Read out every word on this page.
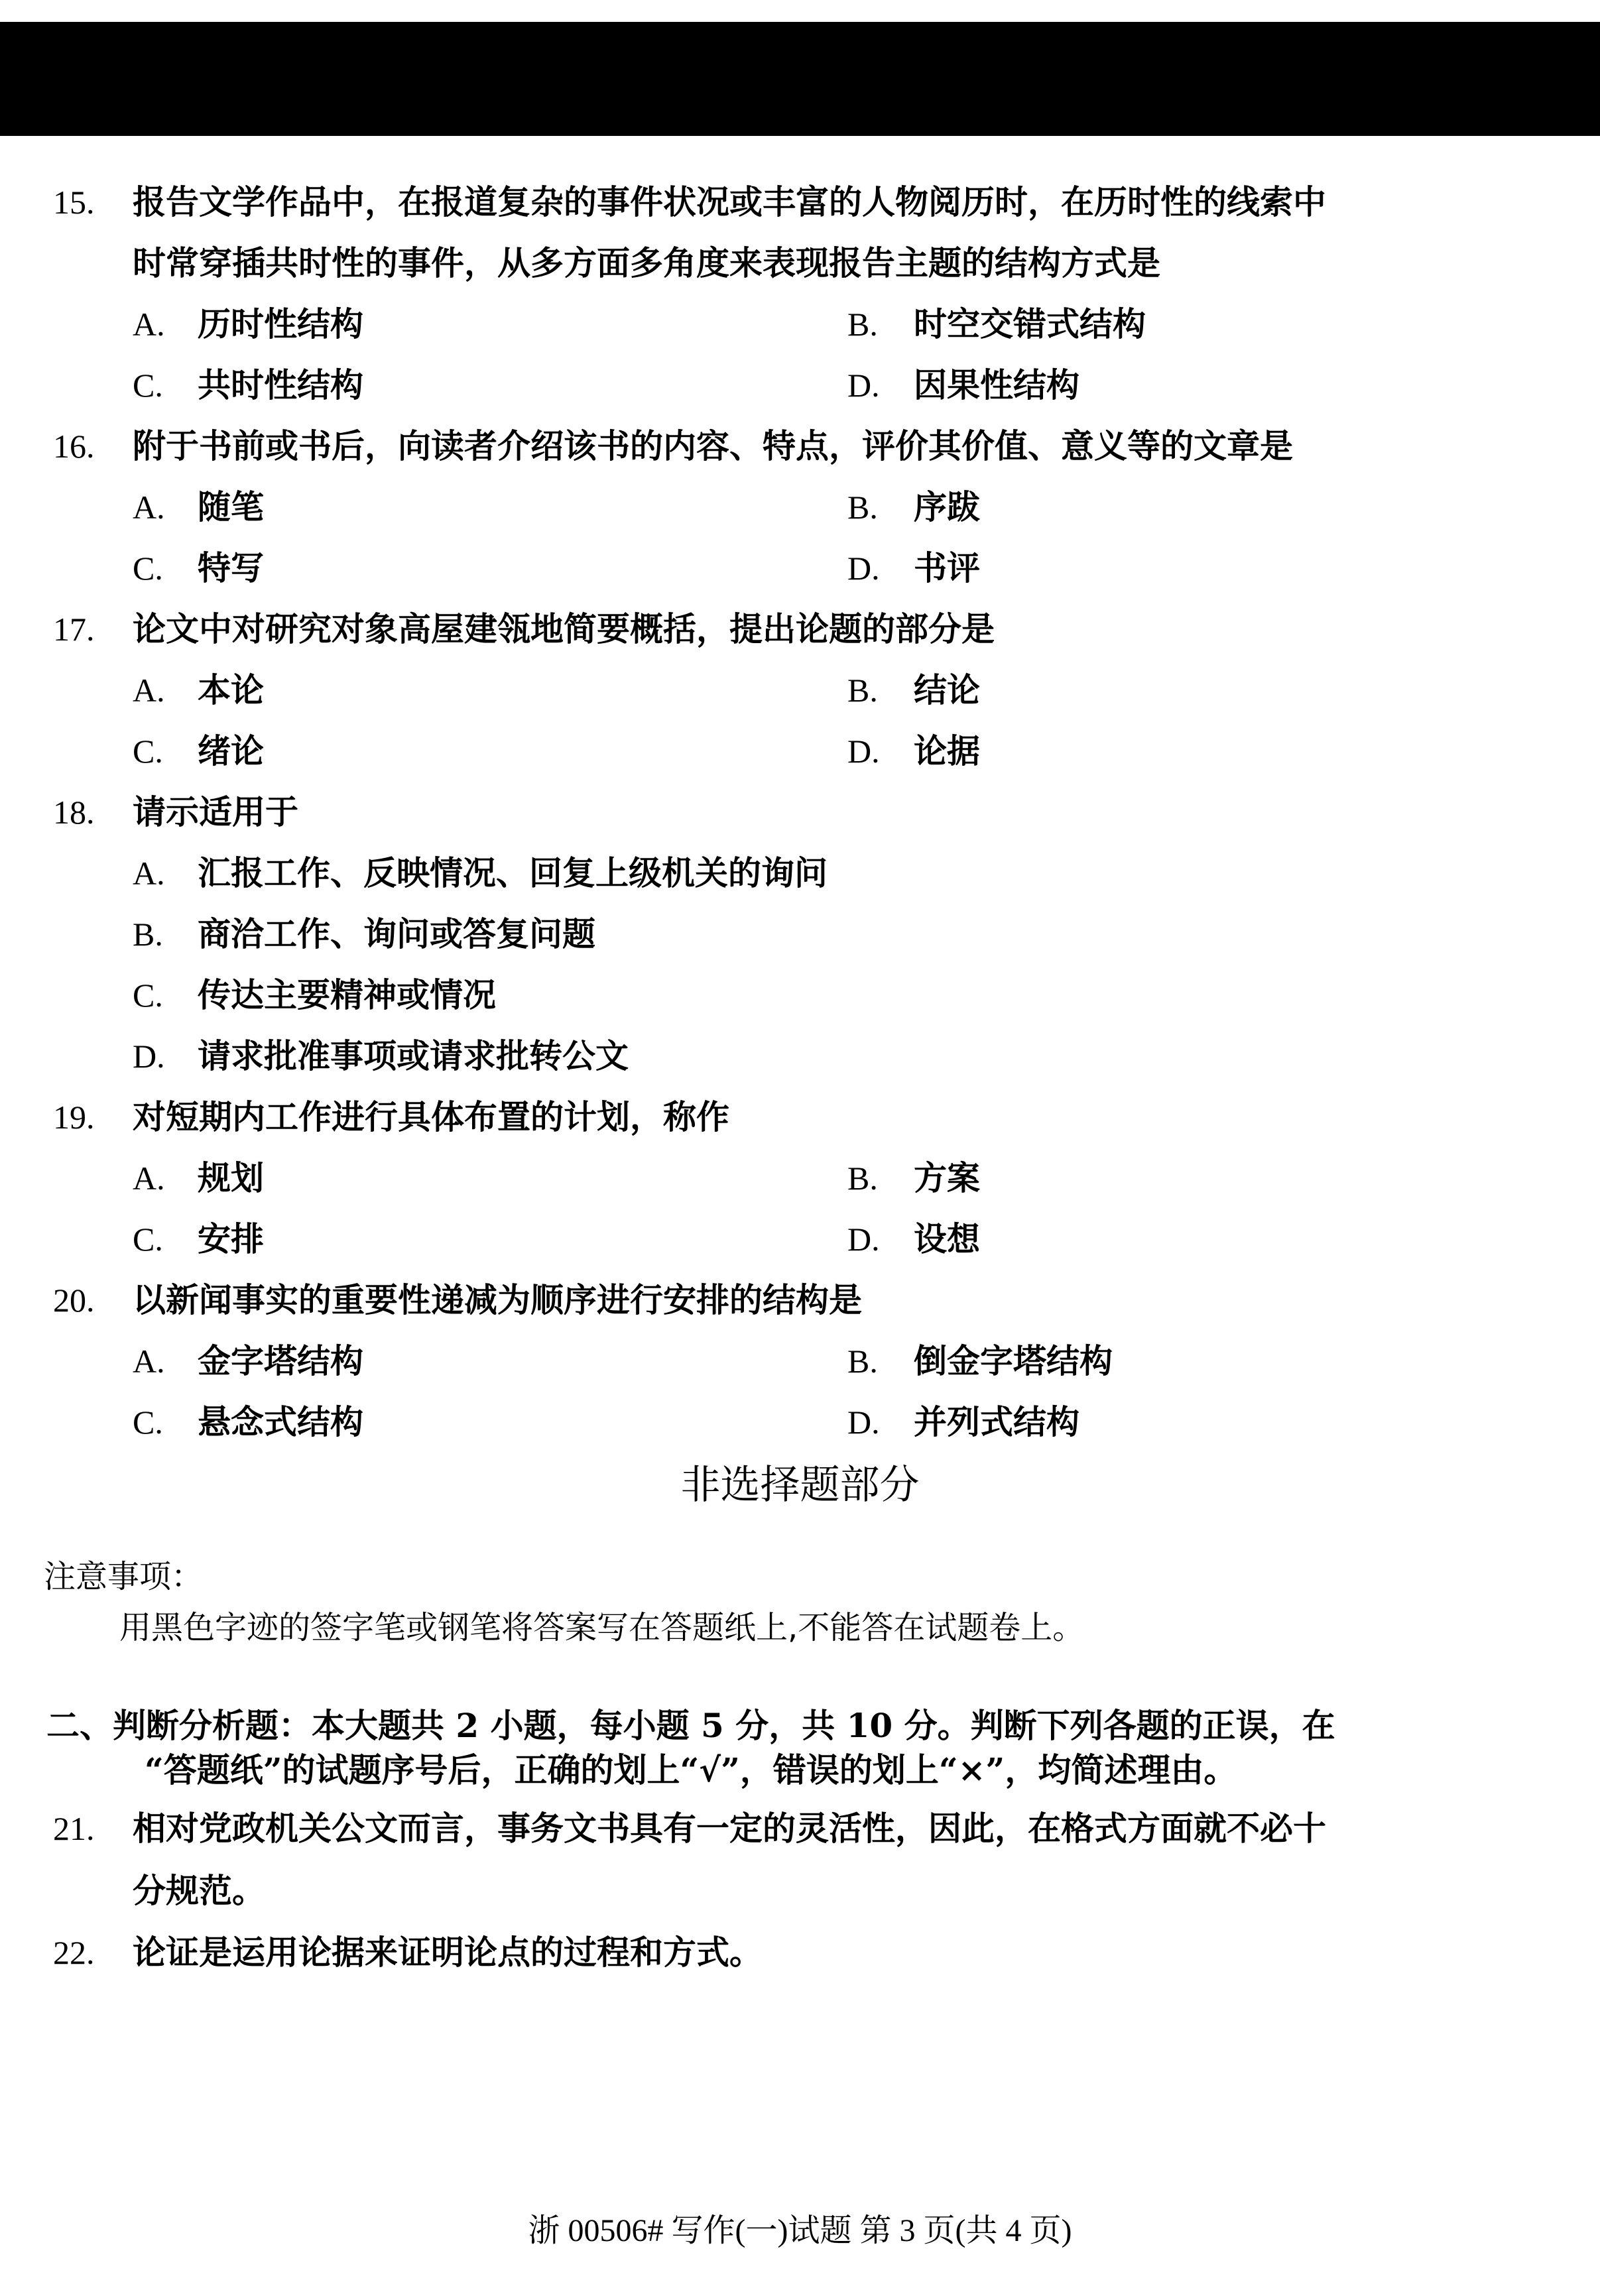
15. 报告文学作品中，在报道复杂的事件状况或丰富的人物阅历时，在历时性的线索中
时常穿插共时性的事件，从多方面多角度来表现报告主题的结构方式是
A. 历时性结构	B. 时空交错式结构
C. 共时性结构	D. 因果性结构
16. 附于书前或书后，向读者介绍该书的内容、特点，评价其价值、意义等的文章是
A. 随笔	B. 序跋
C. 特写	D. 书评
17. 论文中对研究对象高屋建瓴地简要概括，提出论题的部分是
A. 本论	B. 结论
C. 绪论	D. 论据
18. 请示适用于
A. 汇报工作、反映情况、回复上级机关的询问
B. 商洽工作、询问或答复问题
C. 传达主要精神或情况
D. 请求批准事项或请求批转公文
19. 对短期内工作进行具体布置的计划，称作
A. 规划	B. 方案
C. 安排	D. 设想
20. 以新闻事实的重要性递减为顺序进行安排的结构是
A. 金字塔结构	B. 倒金字塔结构
C. 悬念式结构	D. 并列式结构
非选择题部分
注意事项：
用黑色字迹的签字笔或钢笔将答案写在答题纸上,不能答在试题卷上。
二、判断分析题：本大题共 2 小题，每小题 5 分，共 10 分。判断下列各题的正误，在
“答题纸”的试题序号后，正确的划上“√”，错误的划上“×”，均简述理由。
21. 相对党政机关公文而言，事务文书具有一定的灵活性，因此，在格式方面就不必十
分规范。
22. 论证是运用论据来证明论点的过程和方式。
浙 00506# 写作(一)试题 第 3 页(共 4 页)
